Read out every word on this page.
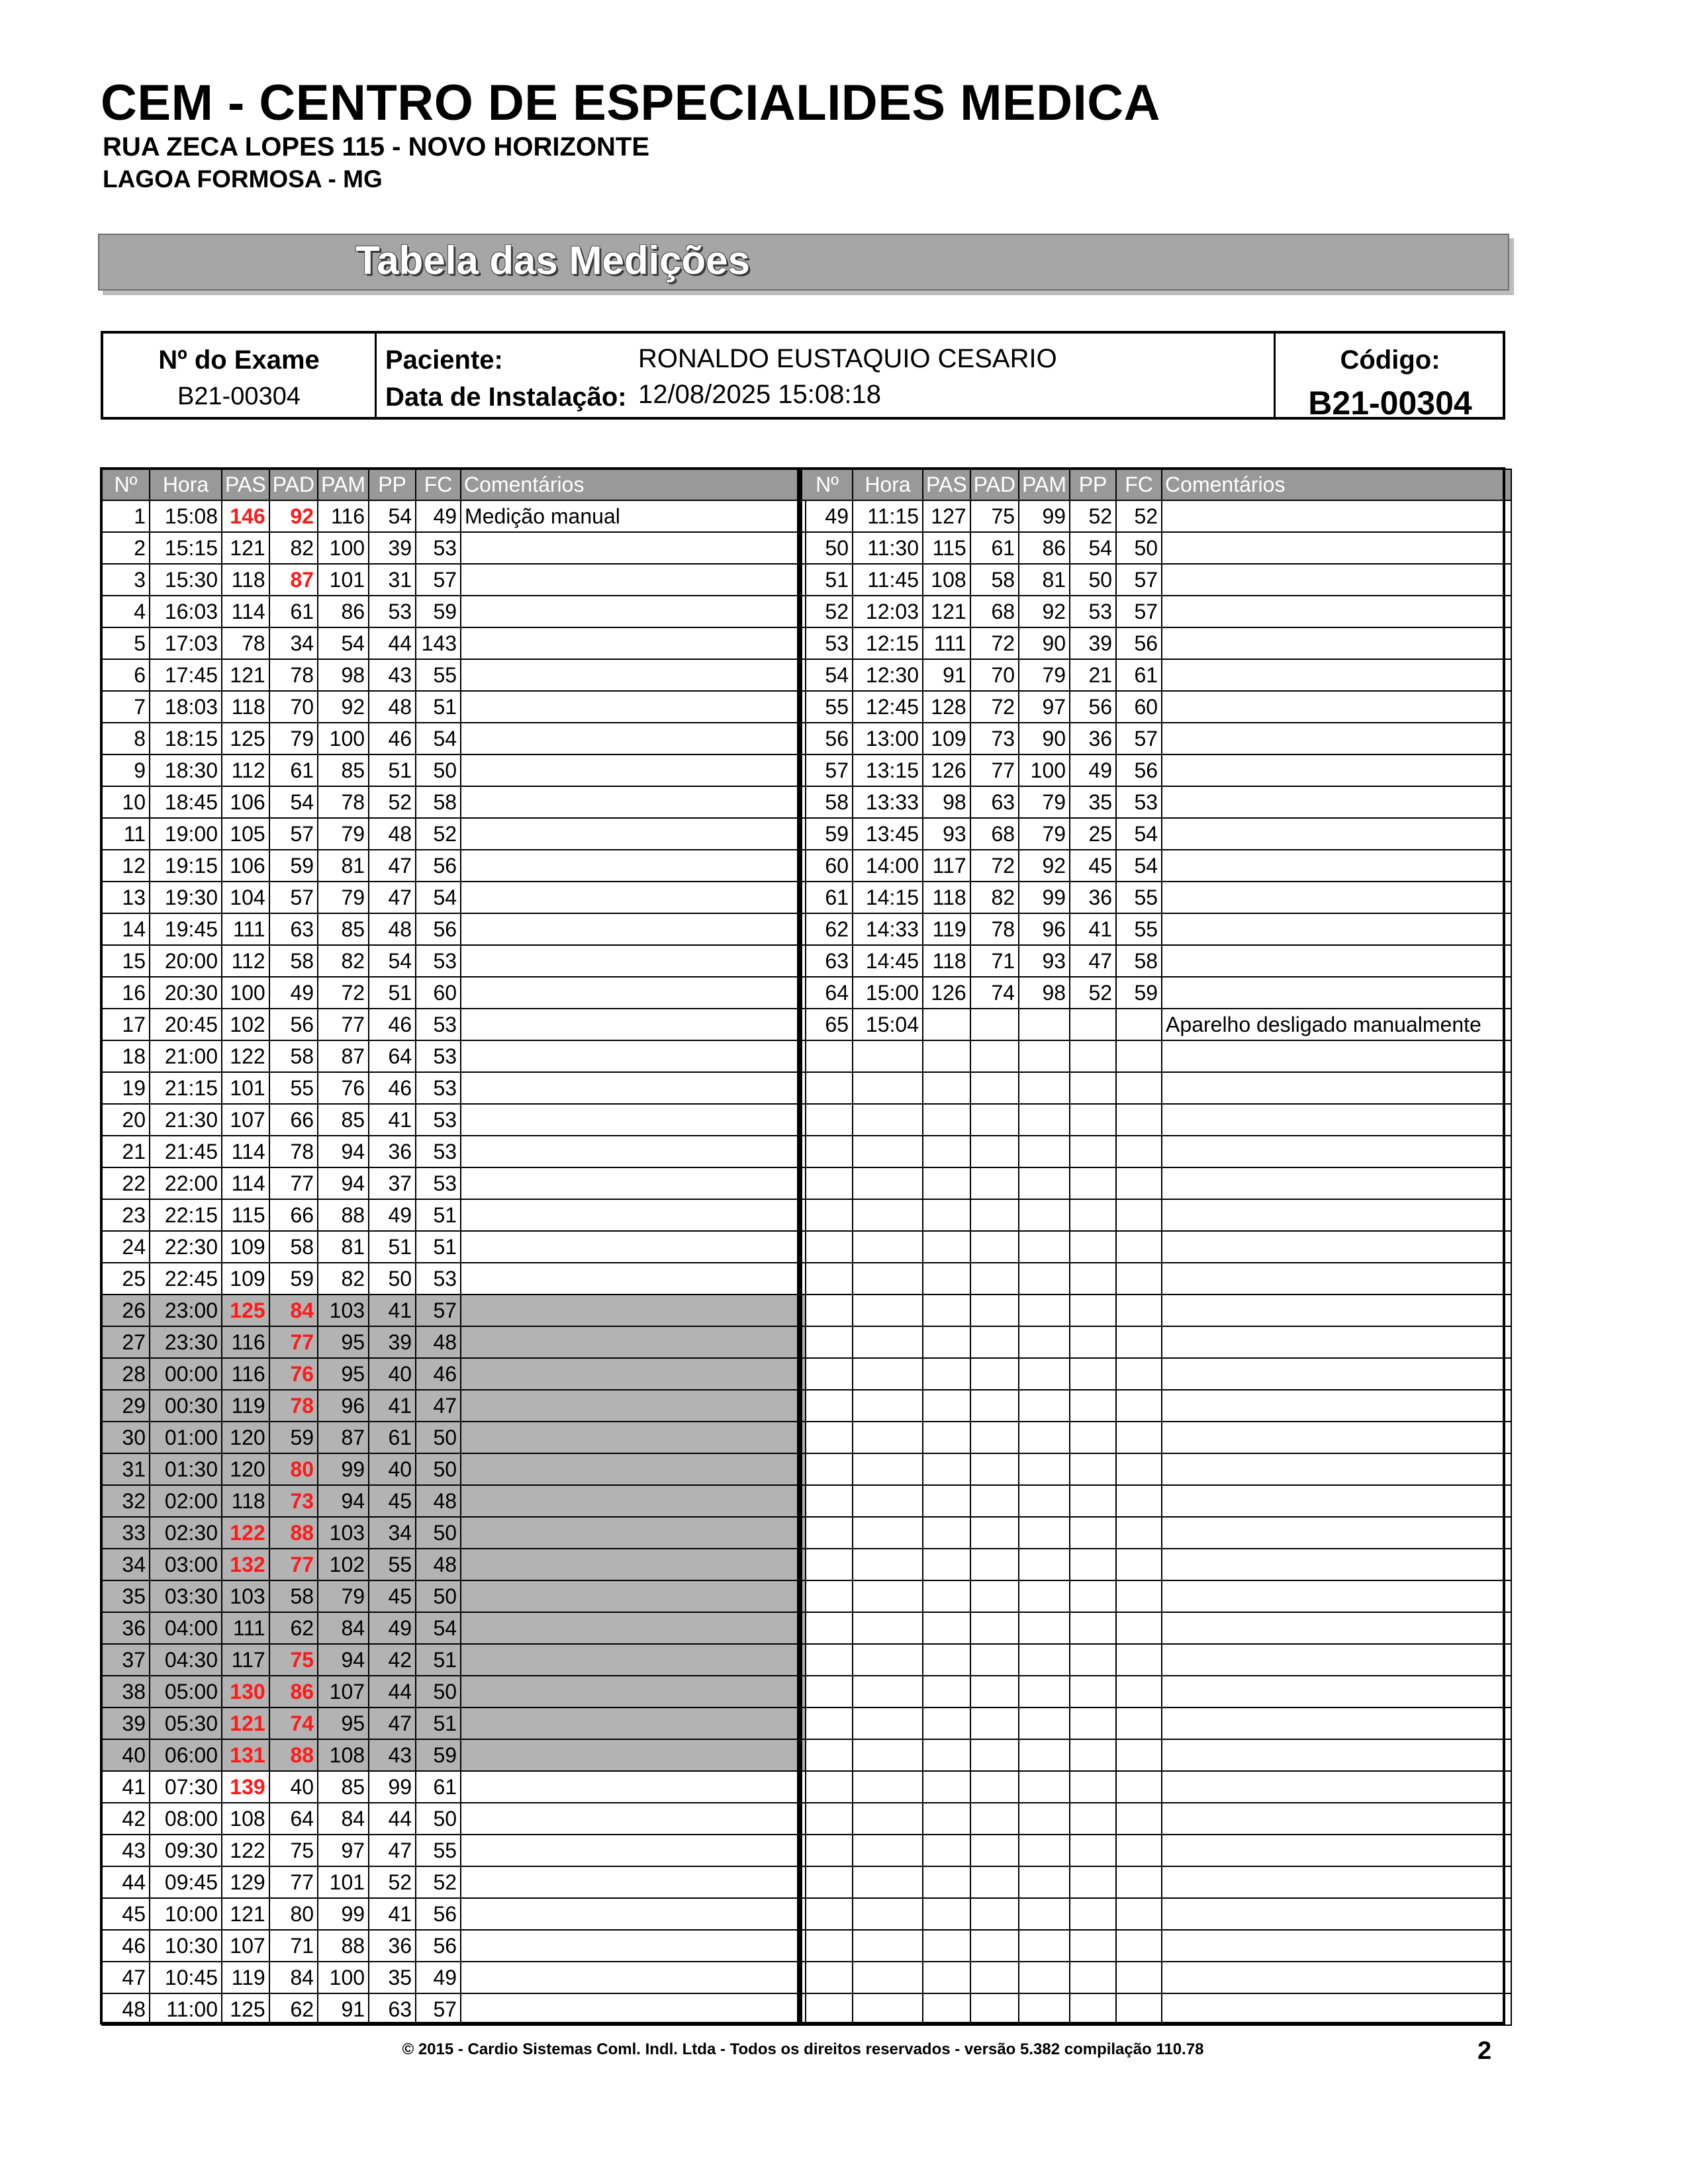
CEM - CENTRO DE ESPECIALIDES MEDICA
RUA ZECA LOPES 115 - NOVO HORIZONTE
LAGOA FORMOSA - MG
Tabela das Medições
Nº do Exame
B21-00304
Paciente:	RONALDO EUSTAQUIO CESARIO
Data de Instalação: 12/08/2025 15:08:18
Código:
B21-00304
Nº	Hora	PAS	PAD	PAM	PP	FC	Comentários
1	15:08	146	92	116	54	49	Medição manual
2	15:15	121	82	100	39	53	
3	15:30	118	87	101	31	57	
4	16:03	114	61	86	53	59	
5	17:03	78	34	54	44	143	
6	17:45	121	78	98	43	55	
7	18:03	118	70	92	48	51	
8	18:15	125	79	100	46	54	
9	18:30	112	61	85	51	50	
10	18:45	106	54	78	52	58	
11	19:00	105	57	79	48	52	
12	19:15	106	59	81	47	56	
13	19:30	104	57	79	47	54	
14	19:45	111	63	85	48	56	
15	20:00	112	58	82	54	53	
16	20:30	100	49	72	51	60	
17	20:45	102	56	77	46	53	
18	21:00	122	58	87	64	53	
19	21:15	101	55	76	46	53	
20	21:30	107	66	85	41	53	
21	21:45	114	78	94	36	53	
22	22:00	114	77	94	37	53	
23	22:15	115	66	88	49	51	
24	22:30	109	58	81	51	51	
25	22:45	109	59	82	50	53	
26	23:00	125	84	103	41	57	
27	23:30	116	77	95	39	48	
28	00:00	116	76	95	40	46	
29	00:30	119	78	96	41	47	
30	01:00	120	59	87	61	50	
31	01:30	120	80	99	40	50	
32	02:00	118	73	94	45	48	
33	02:30	122	88	103	34	50	
34	03:00	132	77	102	55	48	
35	03:30	103	58	79	45	50	
36	04:00	111	62	84	49	54	
37	04:30	117	75	94	42	51	
38	05:00	130	86	107	44	50	
39	05:30	121	74	95	47	51	
40	06:00	131	88	108	43	59	
41	07:30	139	40	85	99	61	
42	08:00	108	64	84	44	50	
43	09:30	122	75	97	47	55	
44	09:45	129	77	101	52	52	
45	10:00	121	80	99	41	56	
46	10:30	107	71	88	36	56	
47	10:45	119	84	100	35	49	
48	11:00	125	62	91	63	57	
Nº	Hora	PAS	PAD	PAM	PP	FC	Comentários
49	11:15	127	75	99	52	52	
50	11:30	115	61	86	54	50	
51	11:45	108	58	81	50	57	
52	12:03	121	68	92	53	57	
53	12:15	111	72	90	39	56	
54	12:30	91	70	79	21	61	
55	12:45	128	72	97	56	60	
56	13:00	109	73	90	36	57	
57	13:15	126	77	100	49	56	
58	13:33	98	63	79	35	53	
59	13:45	93	68	79	25	54	
60	14:00	117	72	92	45	54	
61	14:15	118	82	99	36	55	
62	14:33	119	78	96	41	55	
63	14:45	118	71	93	47	58	
64	15:00	126	74	98	52	59	
65	15:04						Aparelho desligado manualmente

© 2015 - Cardio Sistemas Coml. Indl. Ltda - Todos os direitos reservados - versão 5.382 compilação 110.78	2
